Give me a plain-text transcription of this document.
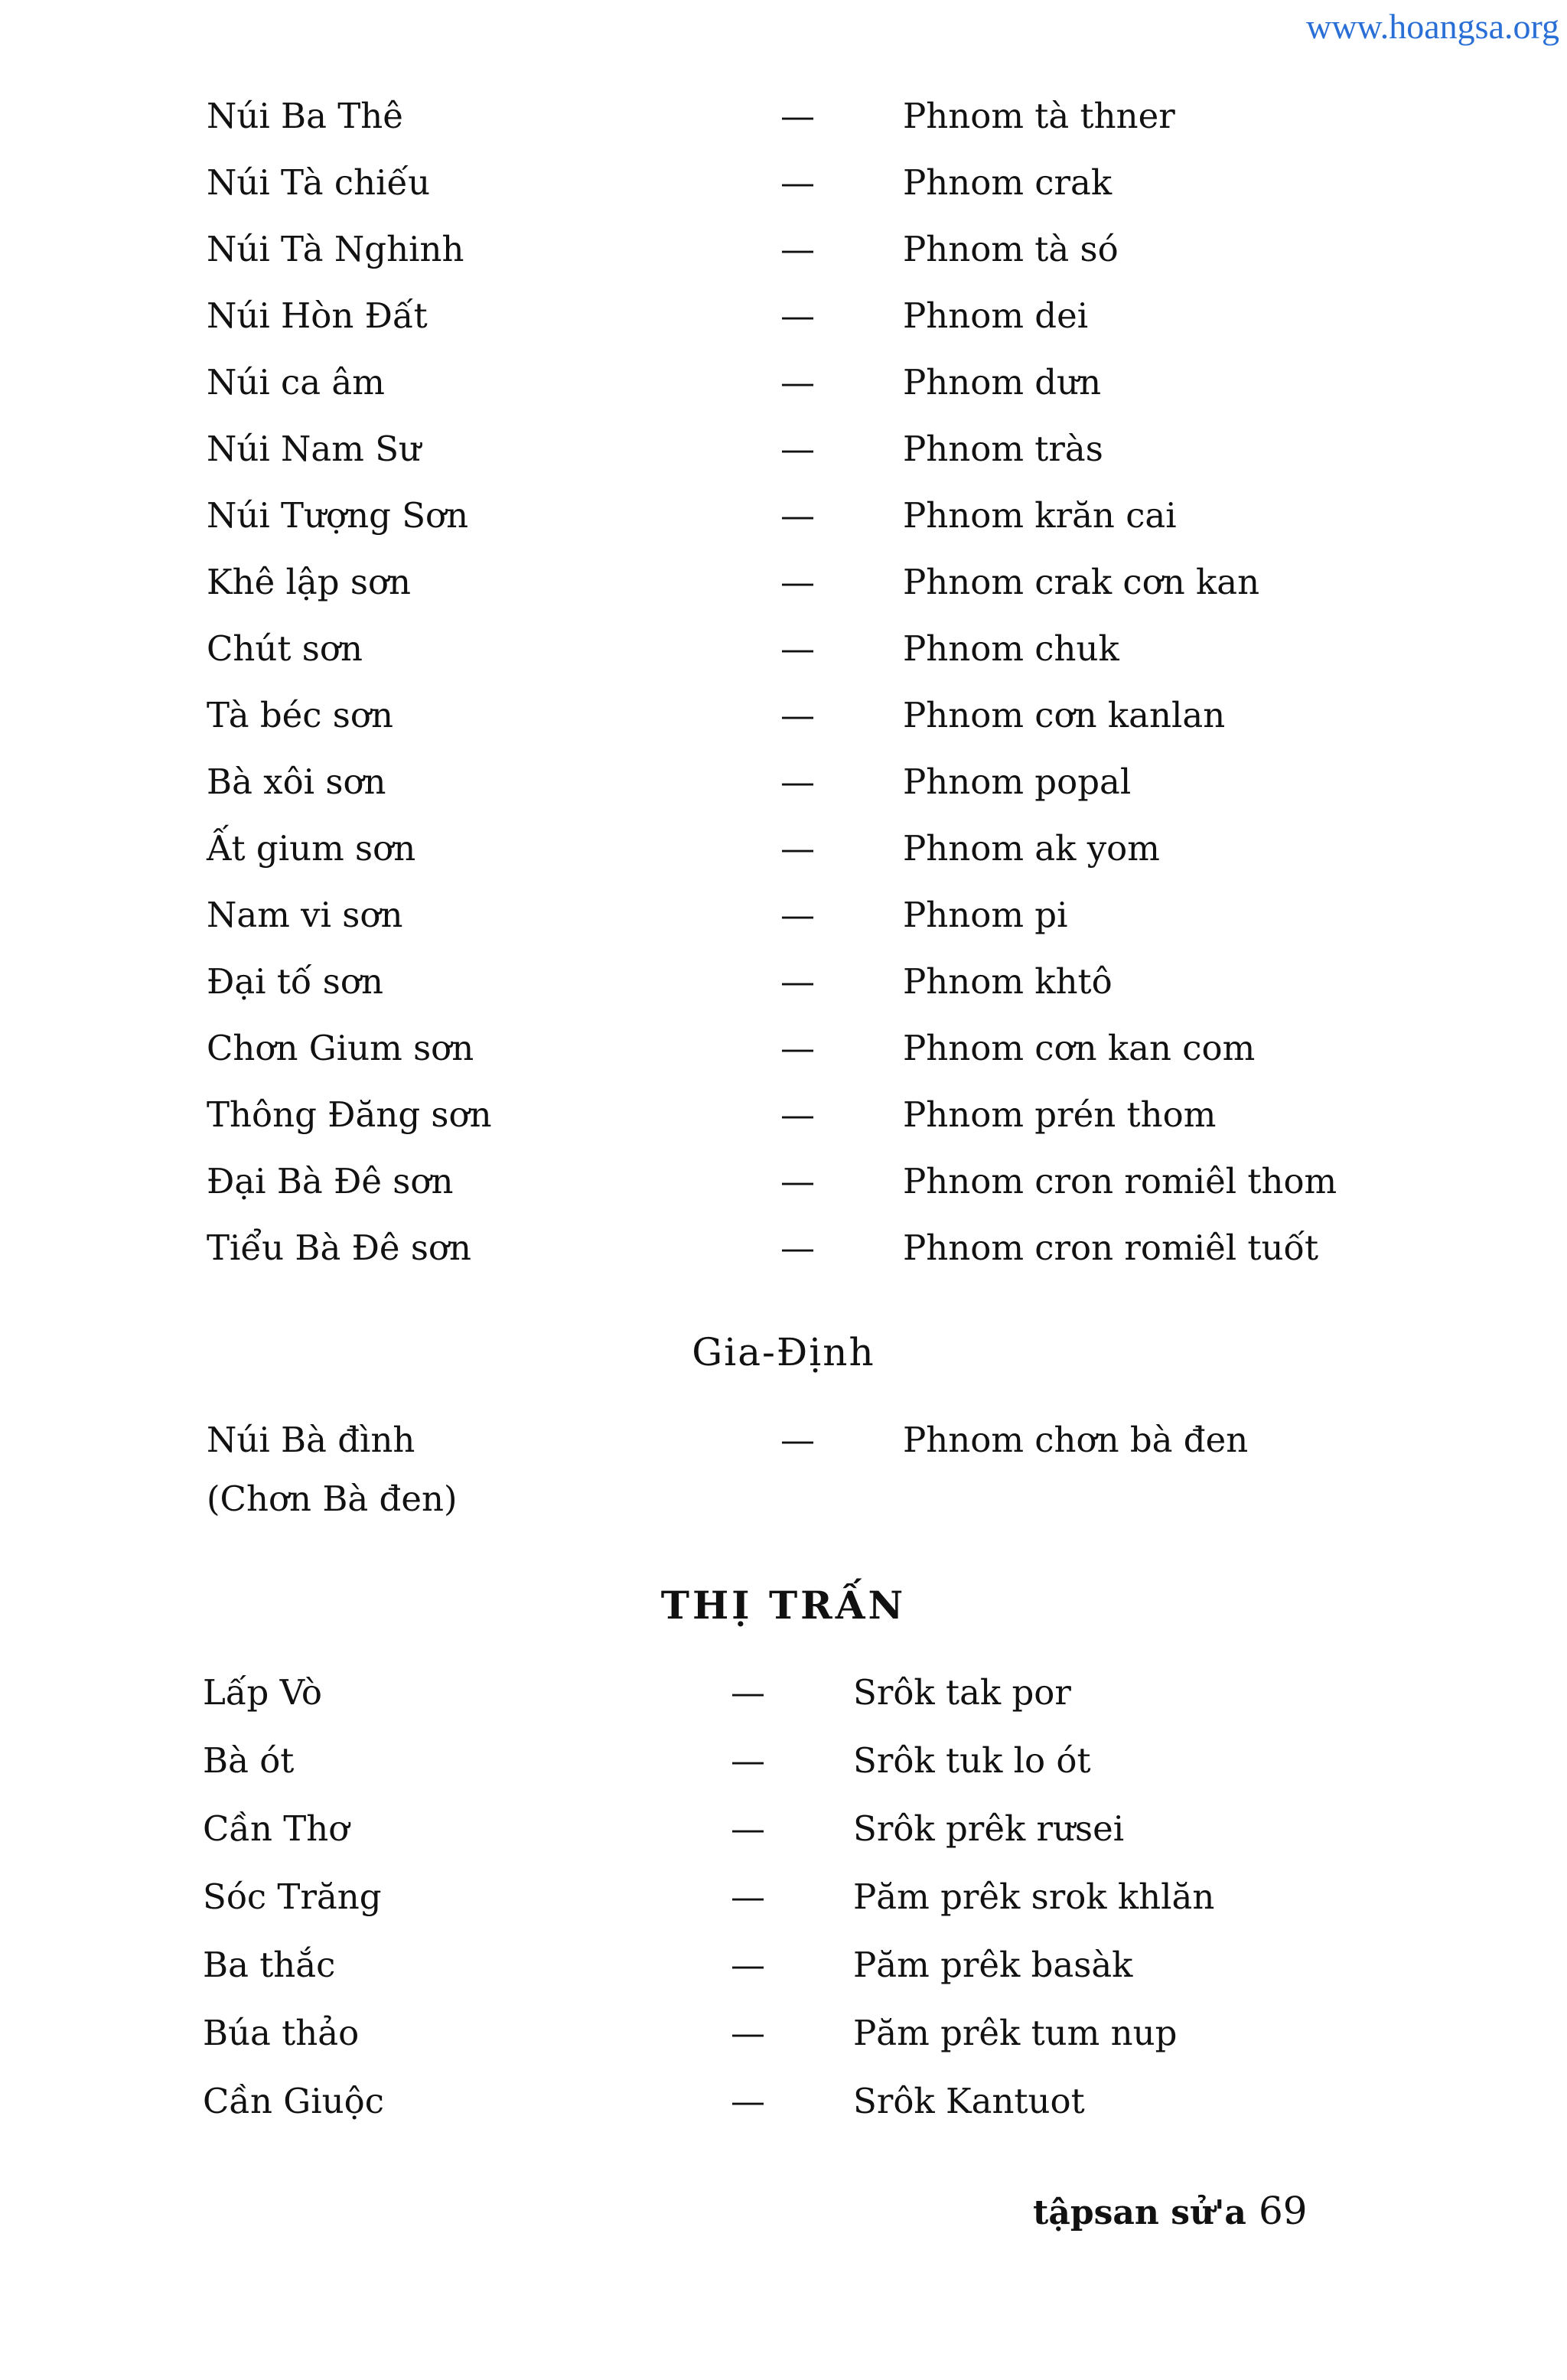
www.hoangsa.org
Núi Ba Thê	—	Phnom tà thner
Núi Tà chiếu	—	Phnom crak
Núi Tà Nghinh	—	Phnom tà só
Núi Hòn Đất	—	Phnom dei
Núi ca âm	—	Phnom dưn
Núi Nam Sư	—	Phnom tràs
Núi Tượng Sơn	—	Phnom krăn cai
Khê lập sơn	—	Phnom crak cơn kan
Chút sơn	—	Phnom chuk
Tà béc sơn	—	Phnom cơn kanlan
Bà xôi sơn	—	Phnom popal
Ất gium sơn	—	Phnom ak yom
Nam vi sơn	—	Phnom pi
Đại tố sơn	—	Phnom khtô
Chơn Gium sơn	—	Phnom cơn kan com
Thông Đăng sơn	—	Phnom prén thom
Đại Bà Đê sơn	—	Phnom cron romiêl thom
Tiểu Bà Đê sơn	—	Phnom cron romiêl tuốt
Gia-Định
Núi Bà đình	—	Phnom chơn bà đen
(Chơn Bà đen)
THỊ TRẤN
Lấp Vò	—	Srôk tak por
Bà ót	—	Srôk tuk lo ót
Cần Thơ	—	Srôk prêk rưsei
Sóc Trăng	—	Păm prêk srok khlăn
Ba thắc	—	Păm prêk basàk
Búa thảo	—	Păm prêk tum nup
Cần Giuộc	—	Srôk Kantuot
tậpsan sử'a 69
